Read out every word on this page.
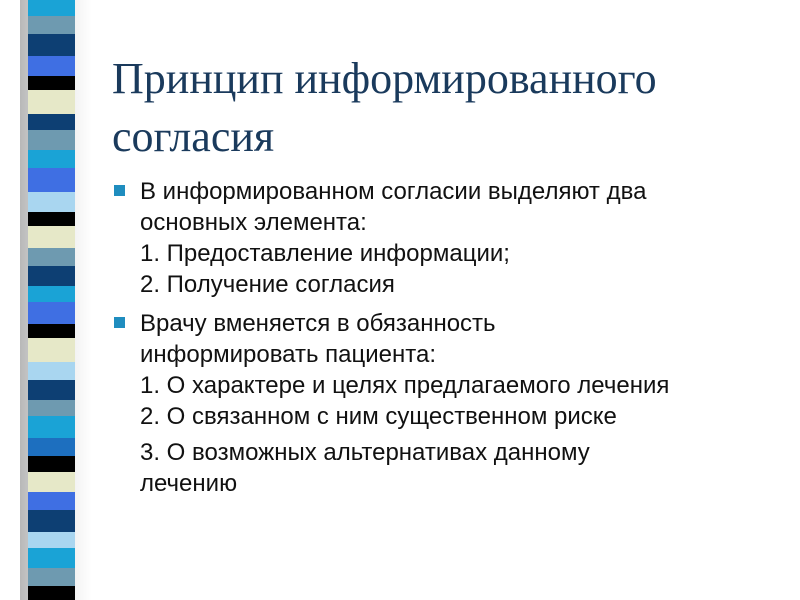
Принцип информированного
согласия
В информированном согласии выделяют два
основных элемента:
1. Предоставление информации;
2. Получение согласия
Врачу вменяется в обязанность
информировать пациента:
1. О характере и целях предлагаемого лечения
2. О связанном с ним существенном риске
3. О возможных альтернативах данному
лечению
